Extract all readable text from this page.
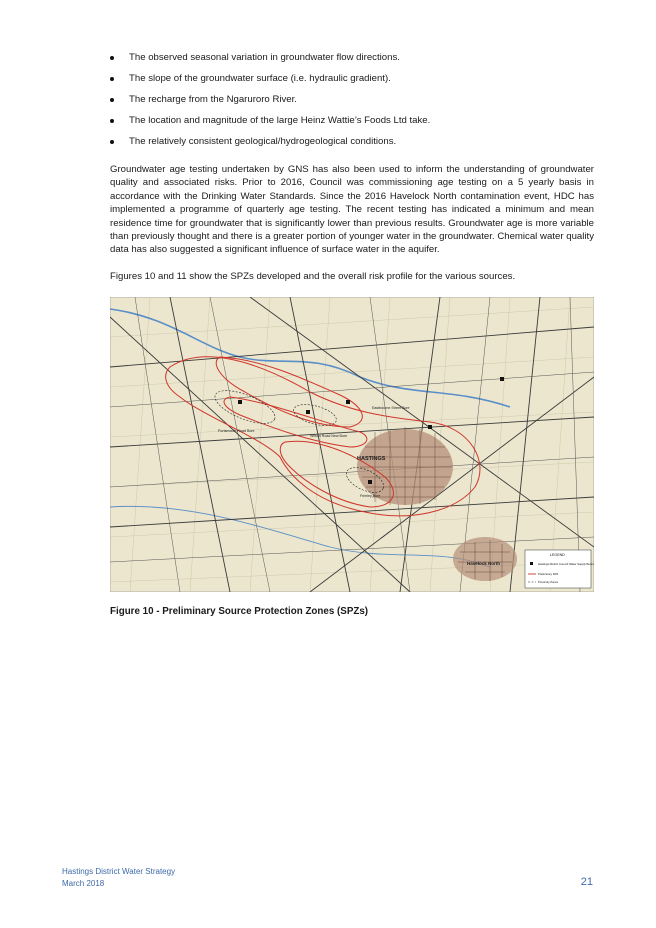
The observed seasonal variation in groundwater flow directions.
The slope of the groundwater surface (i.e. hydraulic gradient).
The recharge from the Ngaruroro River.
The location and magnitude of the large Heinz Wattie’s Foods Ltd take.
The relatively consistent geological/hydrogeological conditions.

Groundwater age testing undertaken by GNS has also been used to inform the understanding of groundwater quality and associated risks. Prior to 2016, Council was commissioning age testing on a 5 yearly basis in accordance with the Drinking Water Standards. Since the 2016 Havelock North contamination event, HDC has implemented a programme of quarterly age testing. The recent testing has indicated a minimum and mean residence time for groundwater that is significantly lower than previous results. Groundwater age is more variable than previously thought and there is a greater portion of younger water in the groundwater. Chemical water quality data has also suggested a significant influence of surface water in the aquifer.

Figures 10 and 11 show the SPZs developed and the overall risk profile for the various sources.

HASTINGS
Havelock North
Frimley Bore
Portsmouth Road Bore
Eastbourne Street Bore
Wilson Road New Bore
LEGEND
Hastings District Council Water Supply Bores
Preliminary SPZ
Proximity Zones

Figure 10 - Preliminary Source Protection Zones (SPZs)

Hastings District Water Strategy
March 2018	21
